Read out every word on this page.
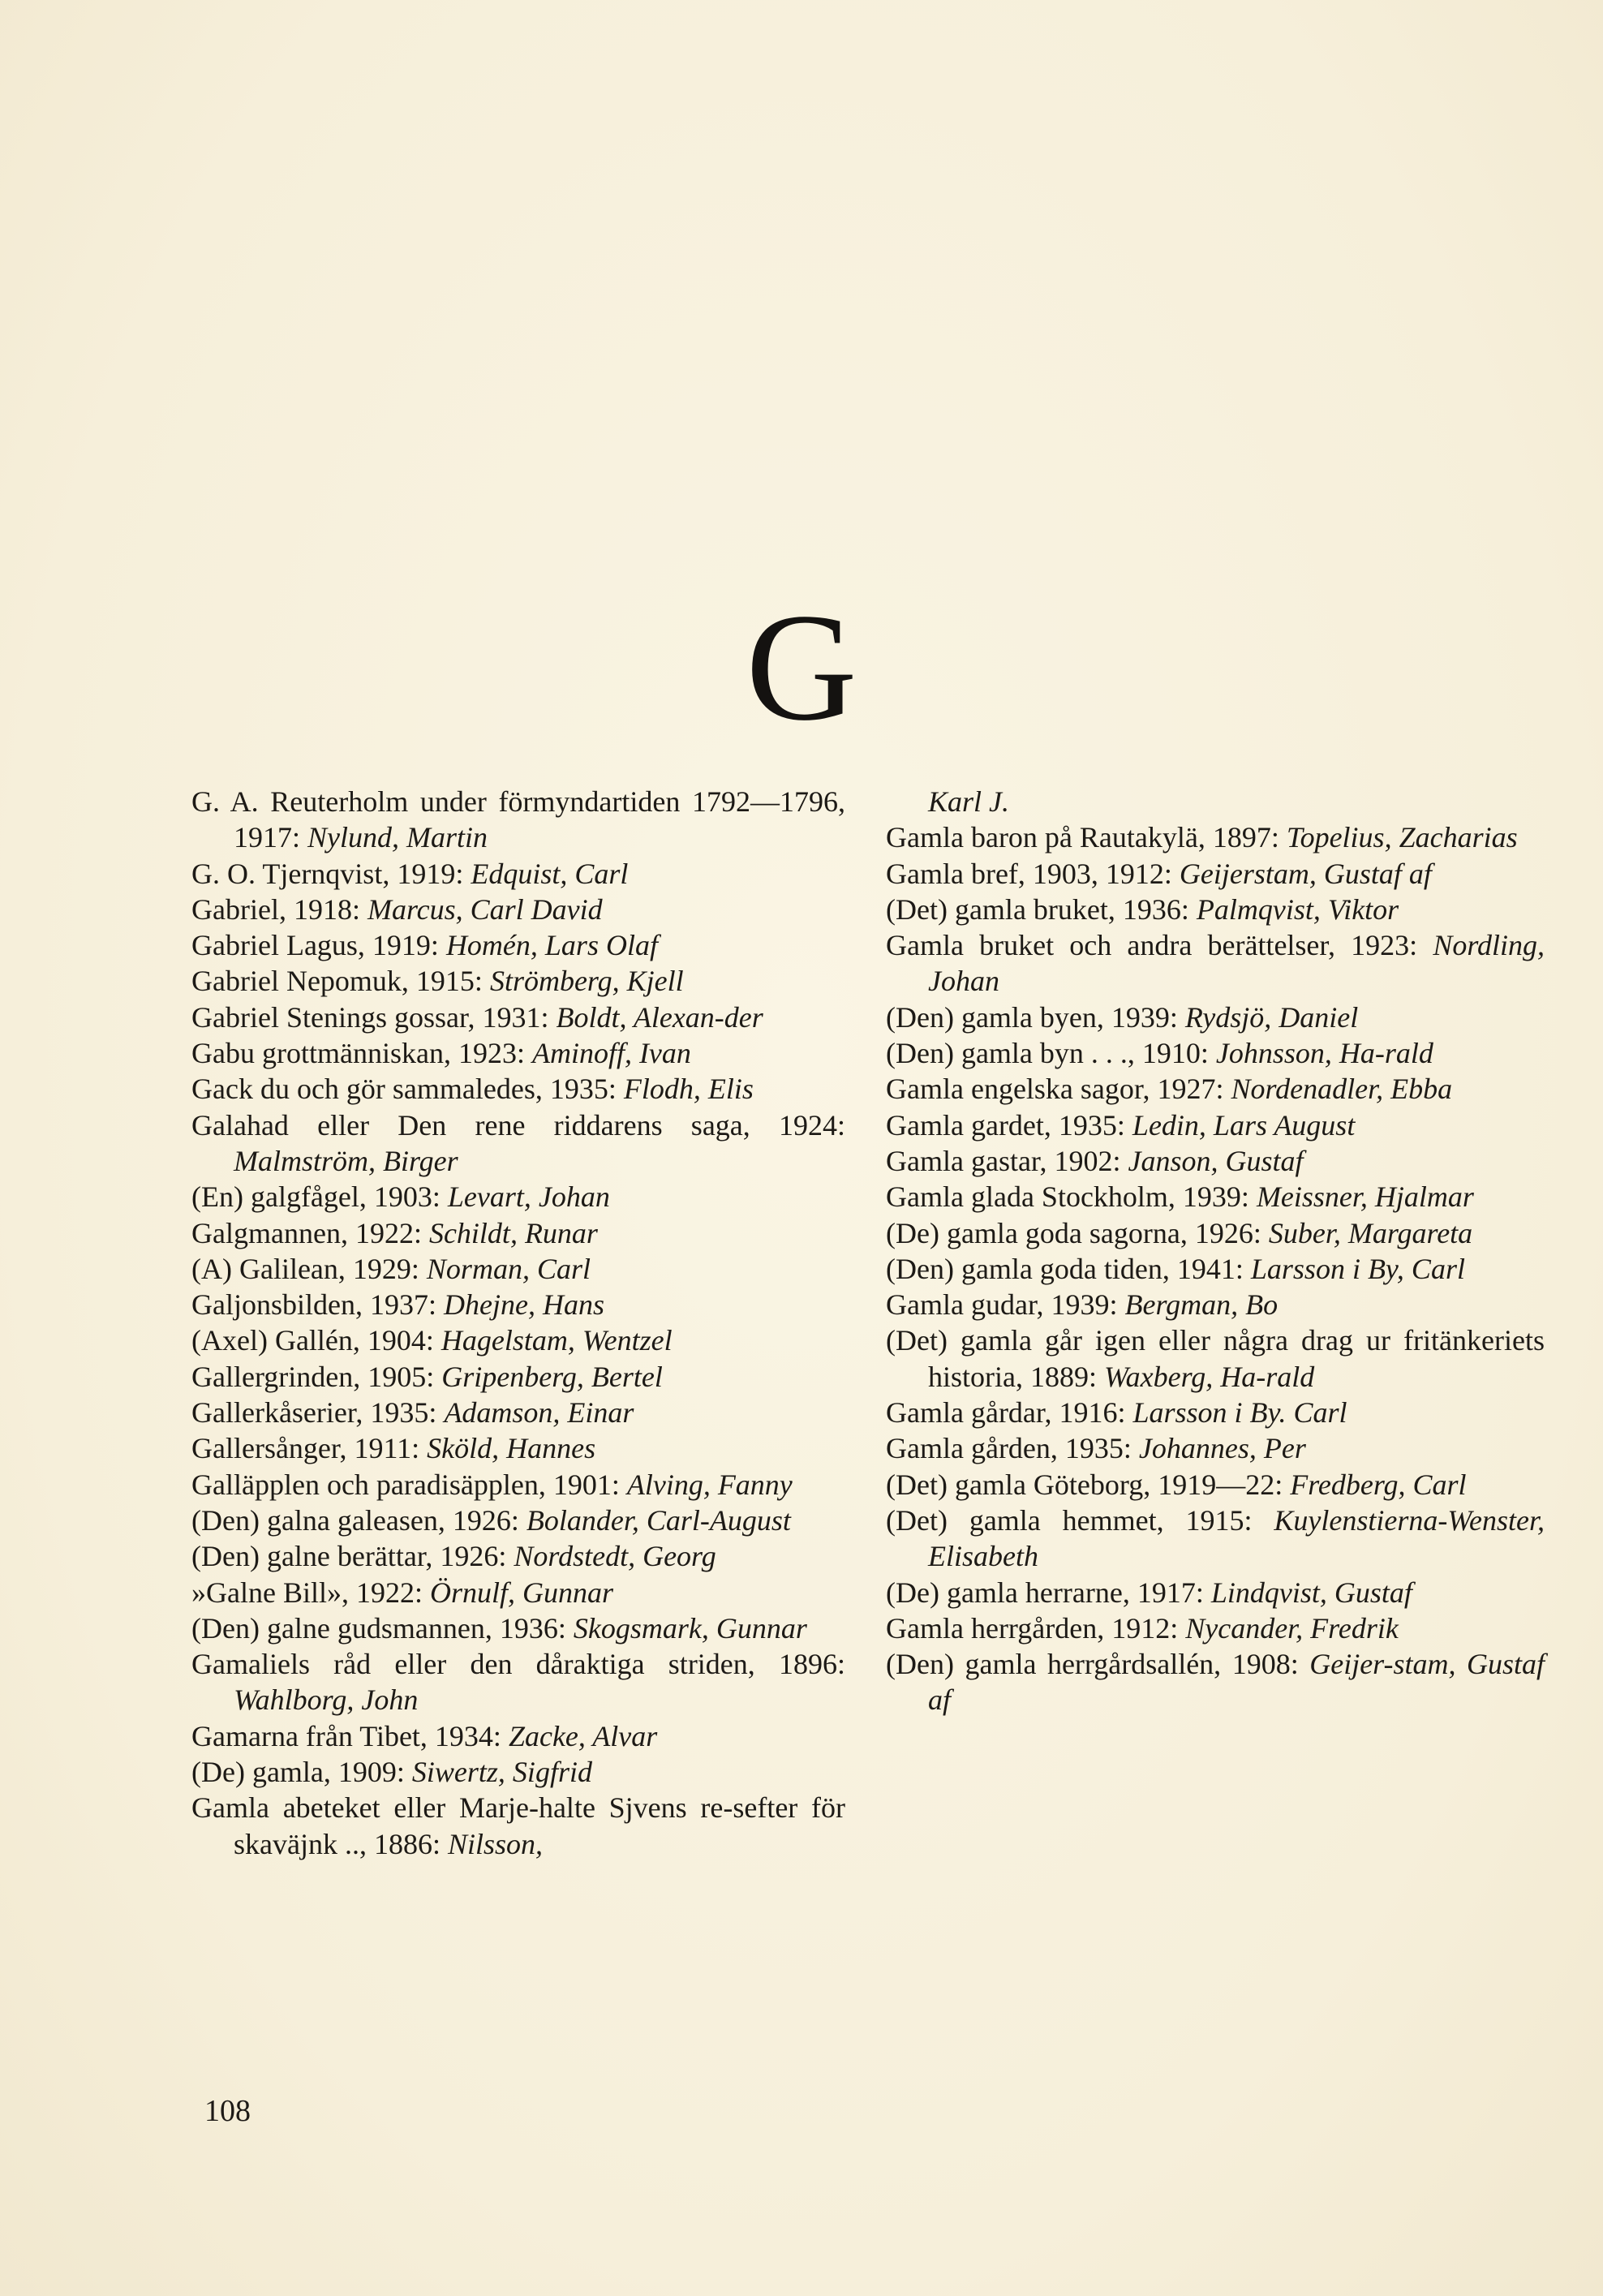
G
G. A. Reuterholm under förmyndartiden 1792—1796, 1917: Nylund, Martin
G. O. Tjernqvist, 1919: Edquist, Carl
Gabriel, 1918: Marcus, Carl David
Gabriel Lagus, 1919: Homén, Lars Olaf
Gabriel Nepomuk, 1915: Strömberg, Kjell
Gabriel Stenings gossar, 1931: Boldt, Alexan-der
Gabu grottmänniskan, 1923: Aminoff, Ivan
Gack du och gör sammaledes, 1935: Flodh, Elis
Galahad eller Den rene riddarens saga, 1924: Malmström, Birger
(En) galgfågel, 1903: Levart, Johan
Galgmannen, 1922: Schildt, Runar
(A) Galilean, 1929: Norman, Carl
Galjonsbilden, 1937: Dhejne, Hans
(Axel) Gallén, 1904: Hagelstam, Wentzel
Gallergrinden, 1905: Gripenberg, Bertel
Gallerkåserier, 1935: Adamson, Einar
Gallersånger, 1911: Sköld, Hannes
Galläpplen och paradisäpplen, 1901: Alving, Fanny
(Den) galna galeasen, 1926: Bolander, Carl-August
(Den) galne berättar, 1926: Nordstedt, Georg
»Galne Bill», 1922: Örnulf, Gunnar
(Den) galne gudsmannen, 1936: Skogsmark, Gunnar
Gamaliels råd eller den dåraktiga striden, 1896: Wahlborg, John
Gamarna från Tibet, 1934: Zacke, Alvar
(De) gamla, 1909: Siwertz, Sigfrid
Gamla abeteket eller Marje-halte Sjvens re-sefter för skaväjnk .., 1886: Nilsson,
Karl J.
Gamla baron på Rautakylä, 1897: Topelius, Zacharias
Gamla bref, 1903, 1912: Geijerstam, Gustaf af
(Det) gamla bruket, 1936: Palmqvist, Viktor
Gamla bruket och andra berättelser, 1923: Nordling, Johan
(Den) gamla byen, 1939: Rydsjö, Daniel
(Den) gamla byn . . ., 1910: Johnsson, Ha-rald
Gamla engelska sagor, 1927: Nordenadler, Ebba
Gamla gardet, 1935: Ledin, Lars August
Gamla gastar, 1902: Janson, Gustaf
Gamla glada Stockholm, 1939: Meissner, Hjalmar
(De) gamla goda sagorna, 1926: Suber, Margareta
(Den) gamla goda tiden, 1941: Larsson i By, Carl
Gamla gudar, 1939: Bergman, Bo
(Det) gamla går igen eller några drag ur fritänkeriets historia, 1889: Waxberg, Ha-rald
Gamla gårdar, 1916: Larsson i By. Carl
Gamla gården, 1935: Johannes, Per
(Det) gamla Göteborg, 1919—22: Fredberg, Carl
(Det) gamla hemmet, 1915: Kuylenstierna-Wenster, Elisabeth
(De) gamla herrarne, 1917: Lindqvist, Gustaf
Gamla herrgården, 1912: Nycander, Fredrik
(Den) gamla herrgårdsallén, 1908: Geijer-stam, Gustaf af
108
